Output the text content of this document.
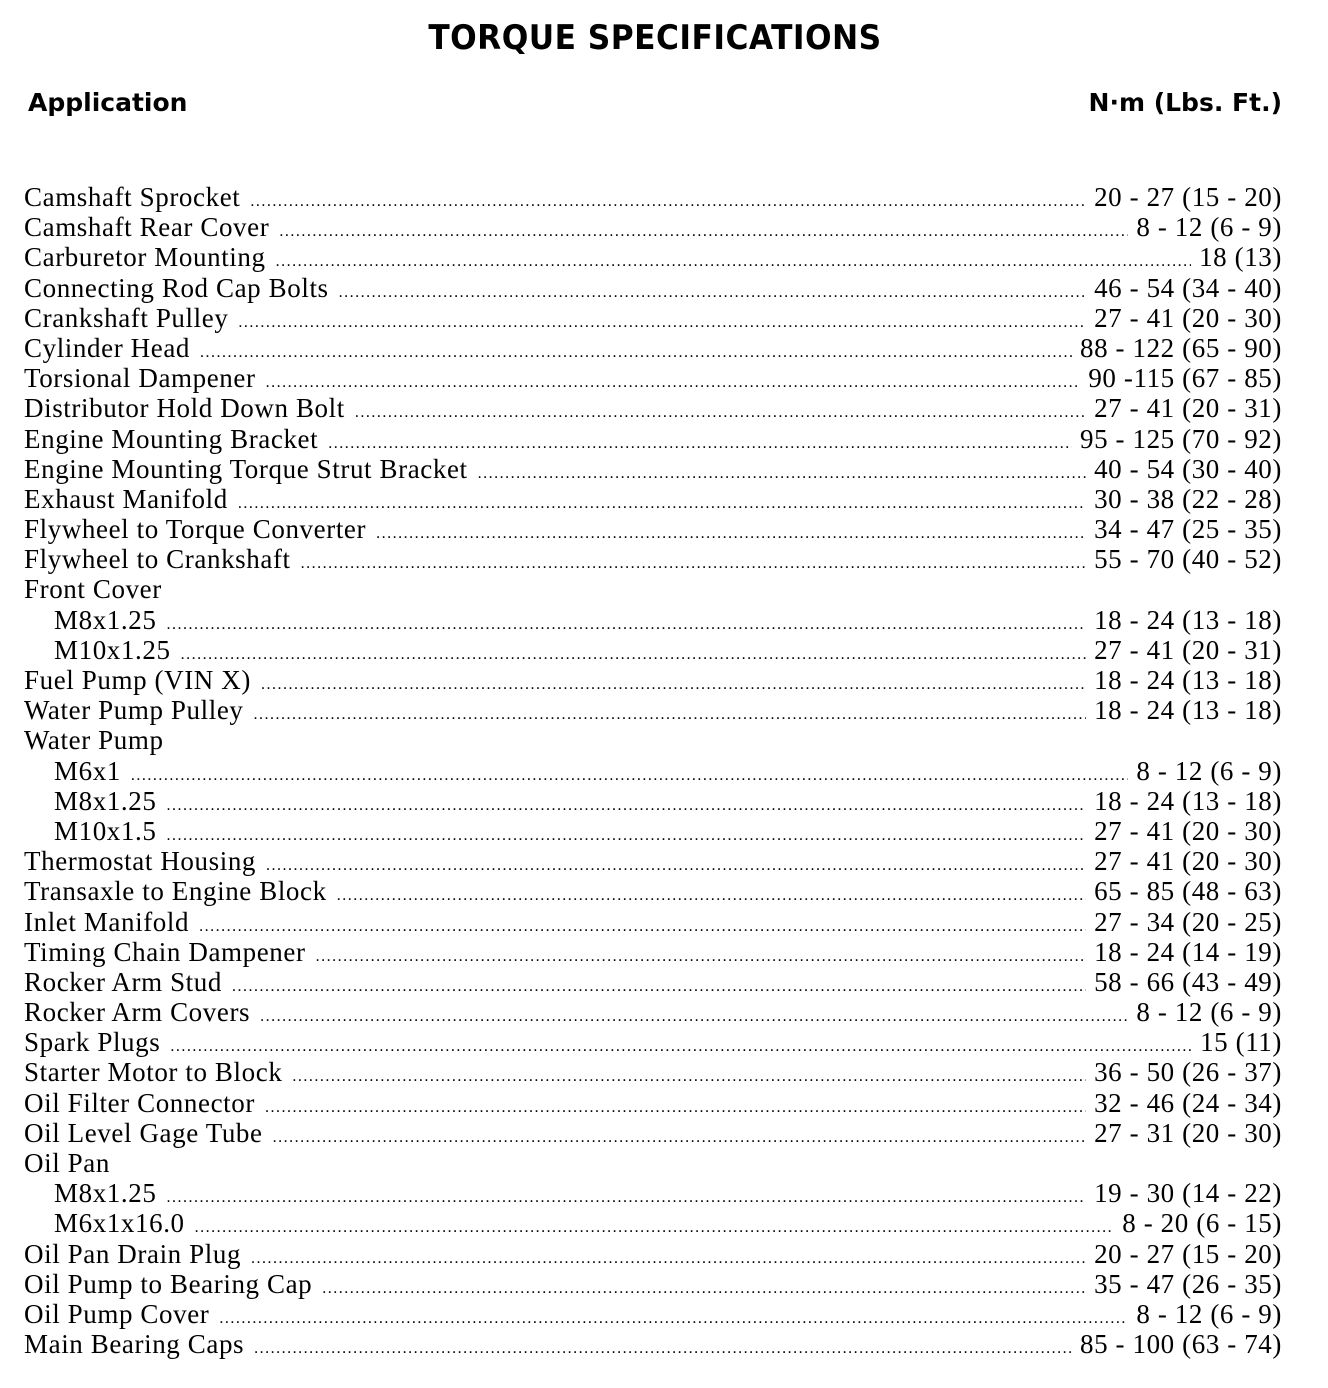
TORQUE SPECIFICATIONS
Application	N·m (Lbs. Ft.)
Camshaft Sprocket .....	20 - 27 (15 - 20)
Camshaft Rear Cover .....	8 - 12 (6 - 9)
Carburetor Mounting .....	18 (13)
Connecting Rod Cap Bolts .....	46 - 54 (34 - 40)
Crankshaft Pulley .....	27 - 41 (20 - 30)
Cylinder Head .....	88 - 122 (65 - 90)
Torsional Dampener .....	90 -115 (67 - 85)
Distributor Hold Down Bolt .....	27 - 41 (20 - 31)
Engine Mounting Bracket .....	95 - 125 (70 - 92)
Engine Mounting Torque Strut Bracket .....	40 - 54 (30 - 40)
Exhaust Manifold .....	30 - 38 (22 - 28)
Flywheel to Torque Converter .....	34 - 47 (25 - 35)
Flywheel to Crankshaft .....	55 - 70 (40 - 52)
Front Cover
M8x1.25 .....	18 - 24 (13 - 18)
M10x1.25 .....	27 - 41 (20 - 31)
Fuel Pump (VIN X) .....	18 - 24 (13 - 18)
Water Pump Pulley .....	18 - 24 (13 - 18)
Water Pump
M6x1 .....	8 - 12 (6 - 9)
M8x1.25 .....	18 - 24 (13 - 18)
M10x1.5 .....	27 - 41 (20 - 30)
Thermostat Housing .....	27 - 41 (20 - 30)
Transaxle to Engine Block .....	65 - 85 (48 - 63)
Inlet Manifold .....	27 - 34 (20 - 25)
Timing Chain Dampener .....	18 - 24 (14 - 19)
Rocker Arm Stud .....	58 - 66 (43 - 49)
Rocker Arm Covers .....	8 - 12 (6 - 9)
Spark Plugs .....	15 (11)
Starter Motor to Block .....	36 - 50 (26 - 37)
Oil Filter Connector .....	32 - 46 (24 - 34)
Oil Level Gage Tube .....	27 - 31 (20 - 30)
Oil Pan
M8x1.25 .....	19 - 30 (14 - 22)
M6x1x16.0 .....	8 - 20 (6 - 15)
Oil Pan Drain Plug .....	20 - 27 (15 - 20)
Oil Pump to Bearing Cap .....	35 - 47 (26 - 35)
Oil Pump Cover .....	8 - 12 (6 - 9)
Main Bearing Caps .....	85 - 100 (63 - 74)
